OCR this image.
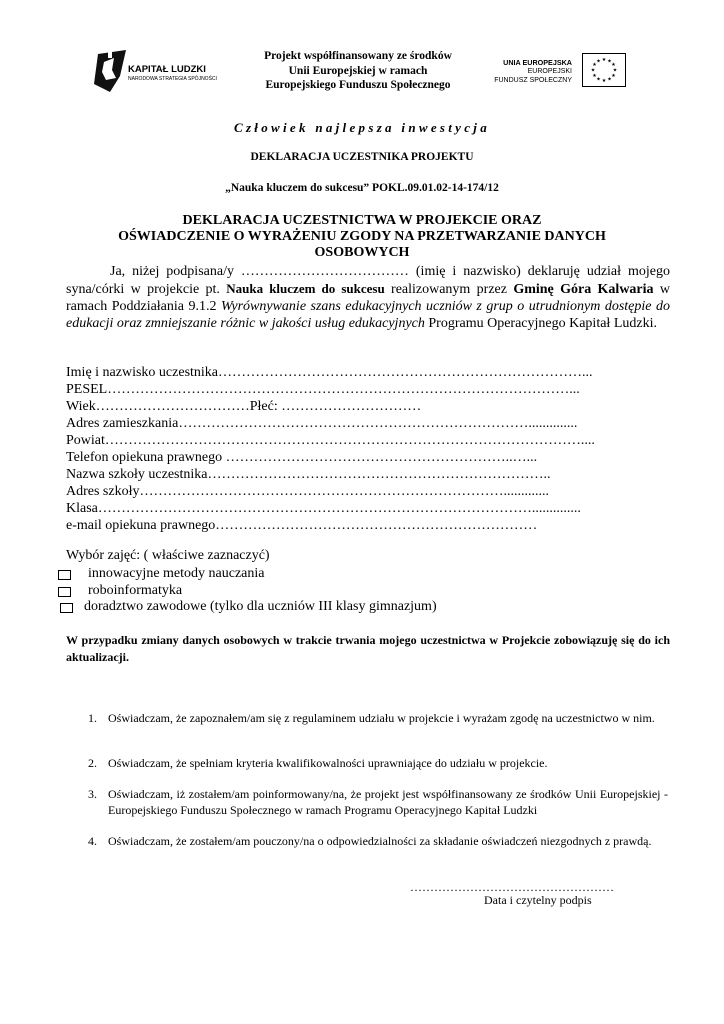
KAPITAŁ LUDZKI
NARODOWA STRATEGIA SPÓJNOŚCI
Projekt współfinansowany ze środków
Unii Europejskiej w ramach
Europejskiego Funduszu Społecznego
UNIA EUROPEJSKA
EUROPEJSKI
FUNDUSZ SPOŁECZNY
★ ★
★
★
★
★
★
★
★
★
★
★
Człowiek najlepsza inwestycja
DEKLARACJA UCZESTNIKA PROJEKTU
„Nauka kluczem do sukcesu” POKL.09.01.02-14-174/12
DEKLARACJA UCZESTNICTWA W PROJEKCIE ORAZ
OŚWIADCZENIE O WYRAŻENIU ZGODY NA PRZETWARZANIE DANYCH
OSOBOWYCH
Ja, niżej podpisana/y ……………………………… (imię i nazwisko) deklaruję udział mojego syna/córki w projekcie pt. Nauka kluczem do sukcesu realizowanym przez Gminę Góra Kalwaria w ramach Poddziałania 9.1.2 Wyrównywanie szans edukacyjnych uczniów z grup o utrudnionym dostępie do edukacji oraz zmniejszanie różnic w jakości usług edukacyjnych Programu Operacyjnego Kapitał Ludzki.
Imię i nazwisko uczestnika……………………………………………………………………...
PESEL………………………………………………………………………………………...
Wiek……………………………Płeć: …………………………
Adres zamieszkania…………………………………………………………………..............
Powiat…………………………………………………………………………………………....
Telefon opiekuna prawnego ……………………………………………………..…...
Nazwa szkoły uczestnika………………………………………………………………..
Adres szkoły…………………………………………………………………….............
Klasa…………………………………………………………………………………..............
e-mail opiekuna prawnego……………………………………………………………
Wybór zajęć: ( właściwe zaznaczyć)
innowacyjne metody nauczania
roboinformatyka
doradztwo zawodowe (tylko dla uczniów III klasy gimnazjum)
W przypadku zmiany danych osobowych w trakcie trwania mojego uczestnictwa w Projekcie zobowiązuję się do ich aktualizacji.
1. Oświadczam, że zapoznałem/am się z regulaminem udziału w projekcie i wyrażam zgodę na uczestnictwo w nim.
2. Oświadczam, że spełniam kryteria kwalifikowalności uprawniające do udziału w projekcie.
3. Oświadczam, iż zostałem/am poinformowany/na, że projekt jest współfinansowany ze środków Unii Europejskiej - Europejskiego Funduszu Społecznego w ramach Programu Operacyjnego Kapitał Ludzki
4. Oświadczam, że zostałem/am pouczony/na o odpowiedzialności za składanie oświadczeń niezgodnych z prawdą.
……………………………………………
Data i czytelny podpis
